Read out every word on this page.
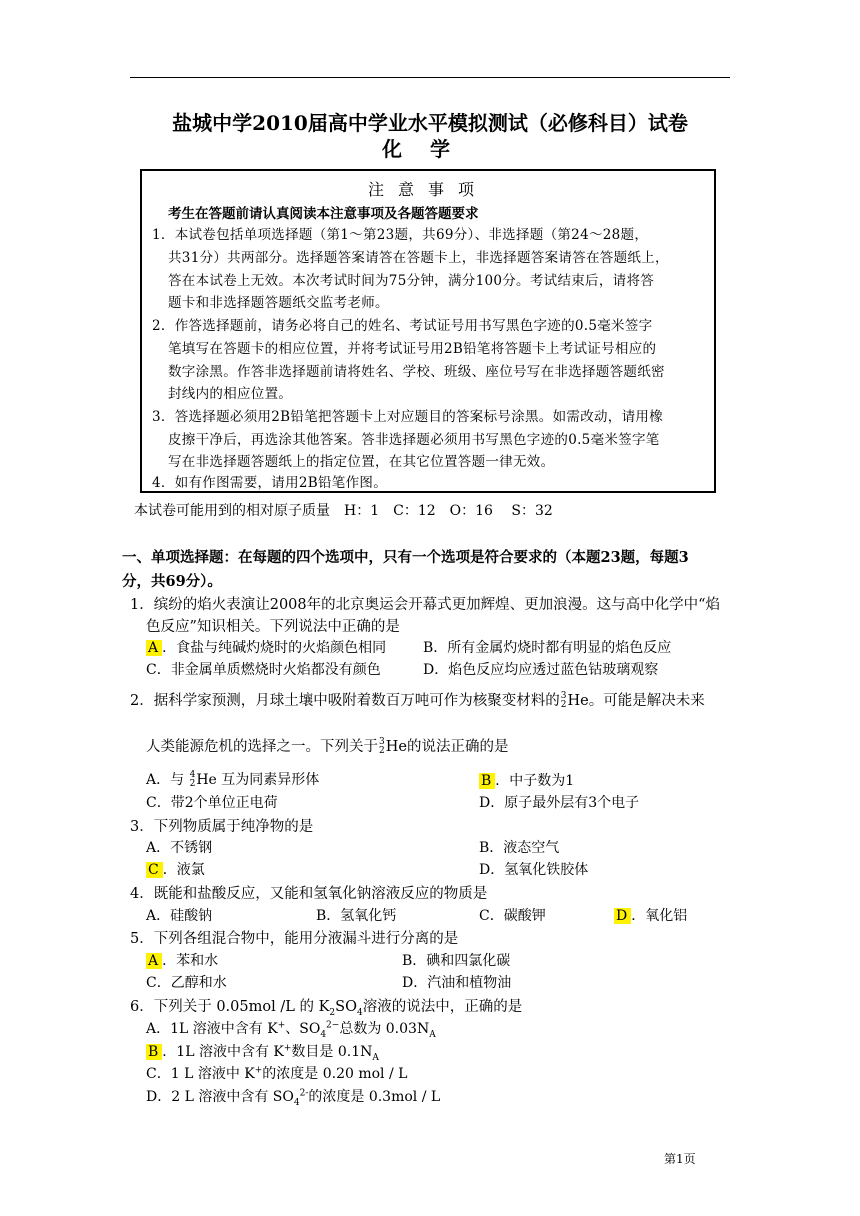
盐城中学2010届高中学业水平模拟测试（必修科目）试卷
化学
注意事项
考生在答题前请认真阅读本注意事项及各题答题要求
1．本试卷包括单项选择题（第1～第23题，共69分）、非选择题（第24～28题，
共31分）共两部分。选择题答案请答在答题卡上，非选择题答案请答在答题纸上，
答在本试卷上无效。本次考试时间为75分钟，满分100分。考试结束后，请将答
题卡和非选择题答题纸交监考老师。
2．作答选择题前，请务必将自己的姓名、考试证号用书写黑色字迹的0.5毫米签字
笔填写在答题卡的相应位置，并将考试证号用2B铅笔将答题卡上考试证号相应的
数字涂黑。作答非选择题前请将姓名、学校、班级、座位号写在非选择题答题纸密
封线内的相应位置。
3．答选择题必须用2B铅笔把答题卡上对应题目的答案标号涂黑。如需改动，请用橡
皮擦干净后，再选涂其他答案。答非选择题必须用书写黑色字迹的0.5毫米签字笔
写在非选择题答题纸上的指定位置，在其它位置答题一律无效。
4．如有作图需要，请用2B铅笔作图。
本试卷可能用到的相对原子质量　H：1　C：12　O：16　 S：32
一、单项选择题：在每题的四个选项中，只有一个选项是符合要求的（本题23题，每题3
分，共69分）。
1．缤纷的焰火表演让2008年的北京奥运会开幕式更加辉煌、更加浪漫。这与高中化学中“焰
色反应”知识相关。下列说法中正确的是
A ．食盐与纯碱灼烧时的火焰颜色相同	B．所有金属灼烧时都有明显的焰色反应
C．非金属单质燃烧时火焰都没有颜色	D．焰色反应均应透过蓝色钴玻璃观察
2．据科学家预测，月球土壤中吸附着数百万吨可作为核聚变材料的3
2He。可能是解决未来
人类能源危机的选择之一。下列关于3
2He的说法正确的是
A．与 4
2He 互为同素异形体	B ．中子数为1
C．带2个单位正电荷	D．原子最外层有3个电子
3．下列物质属于纯净物的是
A．不锈钢	B．液态空气
C ．液氯	D．氢氧化铁胶体
4．既能和盐酸反应，又能和氢氧化钠溶液反应的物质是
A．硅酸钠	B．氢氧化钙	C．碳酸钾	D ．氧化铝
5．下列各组混合物中，能用分液漏斗进行分离的是
A ．苯和水	B．碘和四氯化碳
C．乙醇和水	D．汽油和植物油
6．下列关于 0.05mol /L 的 $K_2SO_4$溶液的说法中，正确的是
A．1L 溶液中含有 K+、$SO_4^{2-}$总数为 $0.03N_A$
B ．1L 溶液中含有 K+数目是 $0.1N_A$
C．1 L 溶液中 K+的浓度是 0.20 mol / L
D．2 L 溶液中含有 $SO_4^{2-}$的浓度是 0.3mol / L
第1页
